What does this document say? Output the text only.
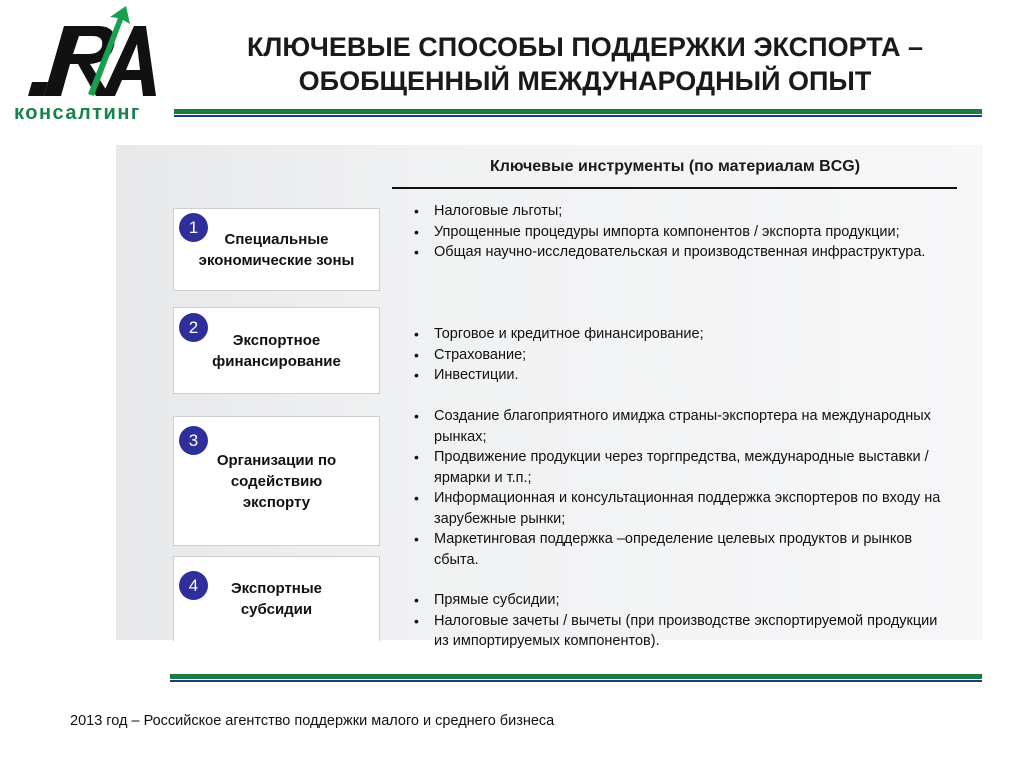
консалтинг
КЛЮЧЕВЫЕ СПОСОБЫ ПОДДЕРЖКИ ЭКСПОРТА –
ОБОБЩЕННЫЙ МЕЖДУНАРОДНЫЙ ОПЫТ
Ключевые инструменты (по материалам BCG)
Специальные
экономические зоны
1
Экспортное
финансирование
2
Организации по
содействию
экспорту
3
Экспортные
субсидии
4
• Налоговые льготы;
• Упрощенные процедуры импорта компонентов / экспорта продукции;
• Общая научно-исследовательская и производственная инфраструктура.
• Торговое и кредитное финансирование;
• Страхование;
• Инвестиции.
• Создание благоприятного имиджа страны-экспортера на международных рынках;
• Продвижение продукции через торгпредства, международные выставки / ярмарки и т.п.;
• Информационная и консультационная поддержка экспортеров по входу на зарубежные рынки;
• Маркетинговая поддержка –определение целевых продуктов и рынков сбыта.
• Прямые субсидии;
• Налоговые зачеты / вычеты (при производстве экспортируемой продукции из импортируемых компонентов).
2013 год – Российское агентство поддержки малого и среднего бизнеса
